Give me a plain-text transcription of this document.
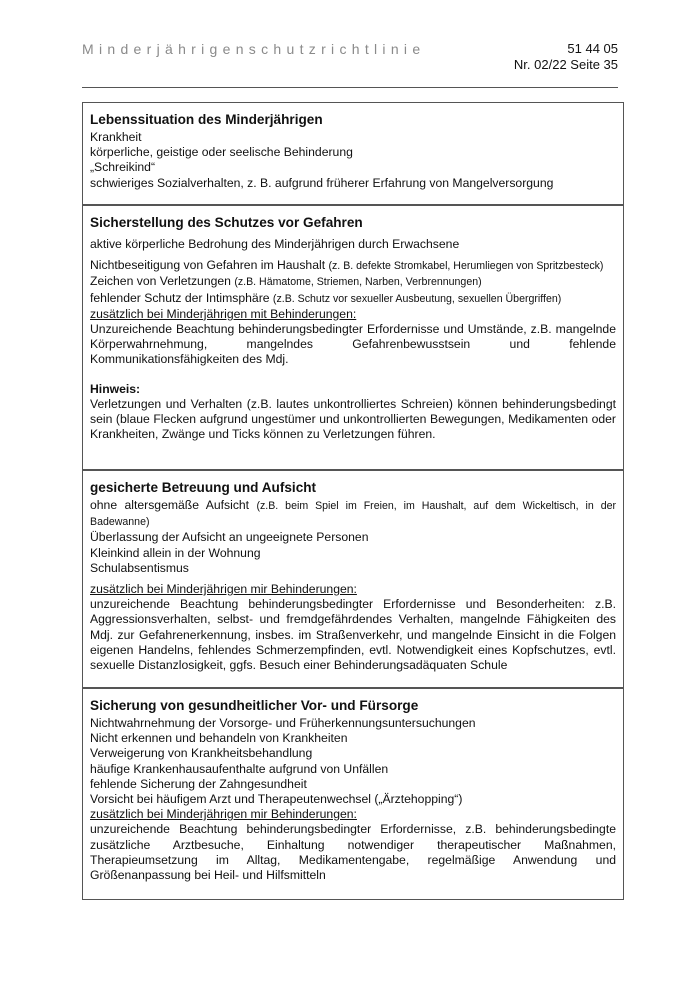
Minderjährigenschutzrichtlinie	51 44 05
Nr. 02/22 Seite 35
Lebenssituation des Minderjährigen
Krankheit
körperliche, geistige oder seelische Behinderung
„Schreikind“
schwieriges Sozialverhalten, z. B. aufgrund früherer Erfahrung von Mangelversorgung
Sicherstellung des Schutzes vor Gefahren
aktive körperliche Bedrohung des Minderjährigen durch Erwachsene
Nichtbeseitigung von Gefahren im Haushalt (z. B. defekte Stromkabel, Herumliegen von Spritzbesteck)
Zeichen von Verletzungen (z.B. Hämatome, Striemen, Narben, Verbrennungen)
fehlender Schutz der Intimsphäre (z.B. Schutz vor sexueller Ausbeutung, sexuellen Übergriffen)
zusätzlich bei Minderjährigen mit Behinderungen:
Unzureichende Beachtung behinderungsbedingter Erfordernisse und Umstände, z.B. mangelnde Körperwahrnehmung, mangelndes Gefahrenbewusstsein und fehlende Kommunikationsfähigkeiten des Mdj.
Hinweis:
Verletzungen und Verhalten (z.B. lautes unkontrolliertes Schreien) können behinderungsbedingt sein (blaue Flecken aufgrund ungestümer und unkontrollierten Bewegungen, Medikamenten oder Krankheiten, Zwänge und Ticks können zu Verletzungen führen.
gesicherte Betreuung und Aufsicht
ohne altersgemäße Aufsicht (z.B. beim Spiel im Freien, im Haushalt, auf dem Wickeltisch, in der Badewanne)
Überlassung der Aufsicht an ungeeignete Personen
Kleinkind allein in der Wohnung
Schulabsentismus
zusätzlich bei Minderjährigen mir Behinderungen:
unzureichende Beachtung behinderungsbedingter Erfordernisse und Besonderheiten: z.B. Aggressionsverhalten, selbst- und fremdgefährdendes Verhalten, mangelnde Fähigkeiten des Mdj. zur Gefahrenerkennung, insbes. im Straßenverkehr, und mangelnde Einsicht in die Folgen eigenen Handelns, fehlendes Schmerzempfinden, evtl. Notwendigkeit eines Kopfschutzes, evtl. sexuelle Distanzlosigkeit, ggfs. Besuch einer Behinderungsadäquaten Schule
Sicherung von gesundheitlicher Vor- und Fürsorge
Nichtwahrnehmung der Vorsorge- und Früherkennungsuntersuchungen
Nicht erkennen und behandeln von Krankheiten
Verweigerung von Krankheitsbehandlung
häufige Krankenhausaufenthalte aufgrund von Unfällen
fehlende Sicherung der Zahngesundheit
Vorsicht bei häufigem Arzt und Therapeutenwechsel („Ärztehopping“)
zusätzlich bei Minderjährigen mir Behinderungen:
unzureichende Beachtung behinderungsbedingter Erfordernisse, z.B. behinderungsbedingte zusätzliche Arztbesuche, Einhaltung notwendiger therapeutischer Maßnahmen, Therapieumsetzung im Alltag, Medikamentengabe, regelmäßige Anwendung und Größenanpassung bei Heil- und Hilfsmitteln
